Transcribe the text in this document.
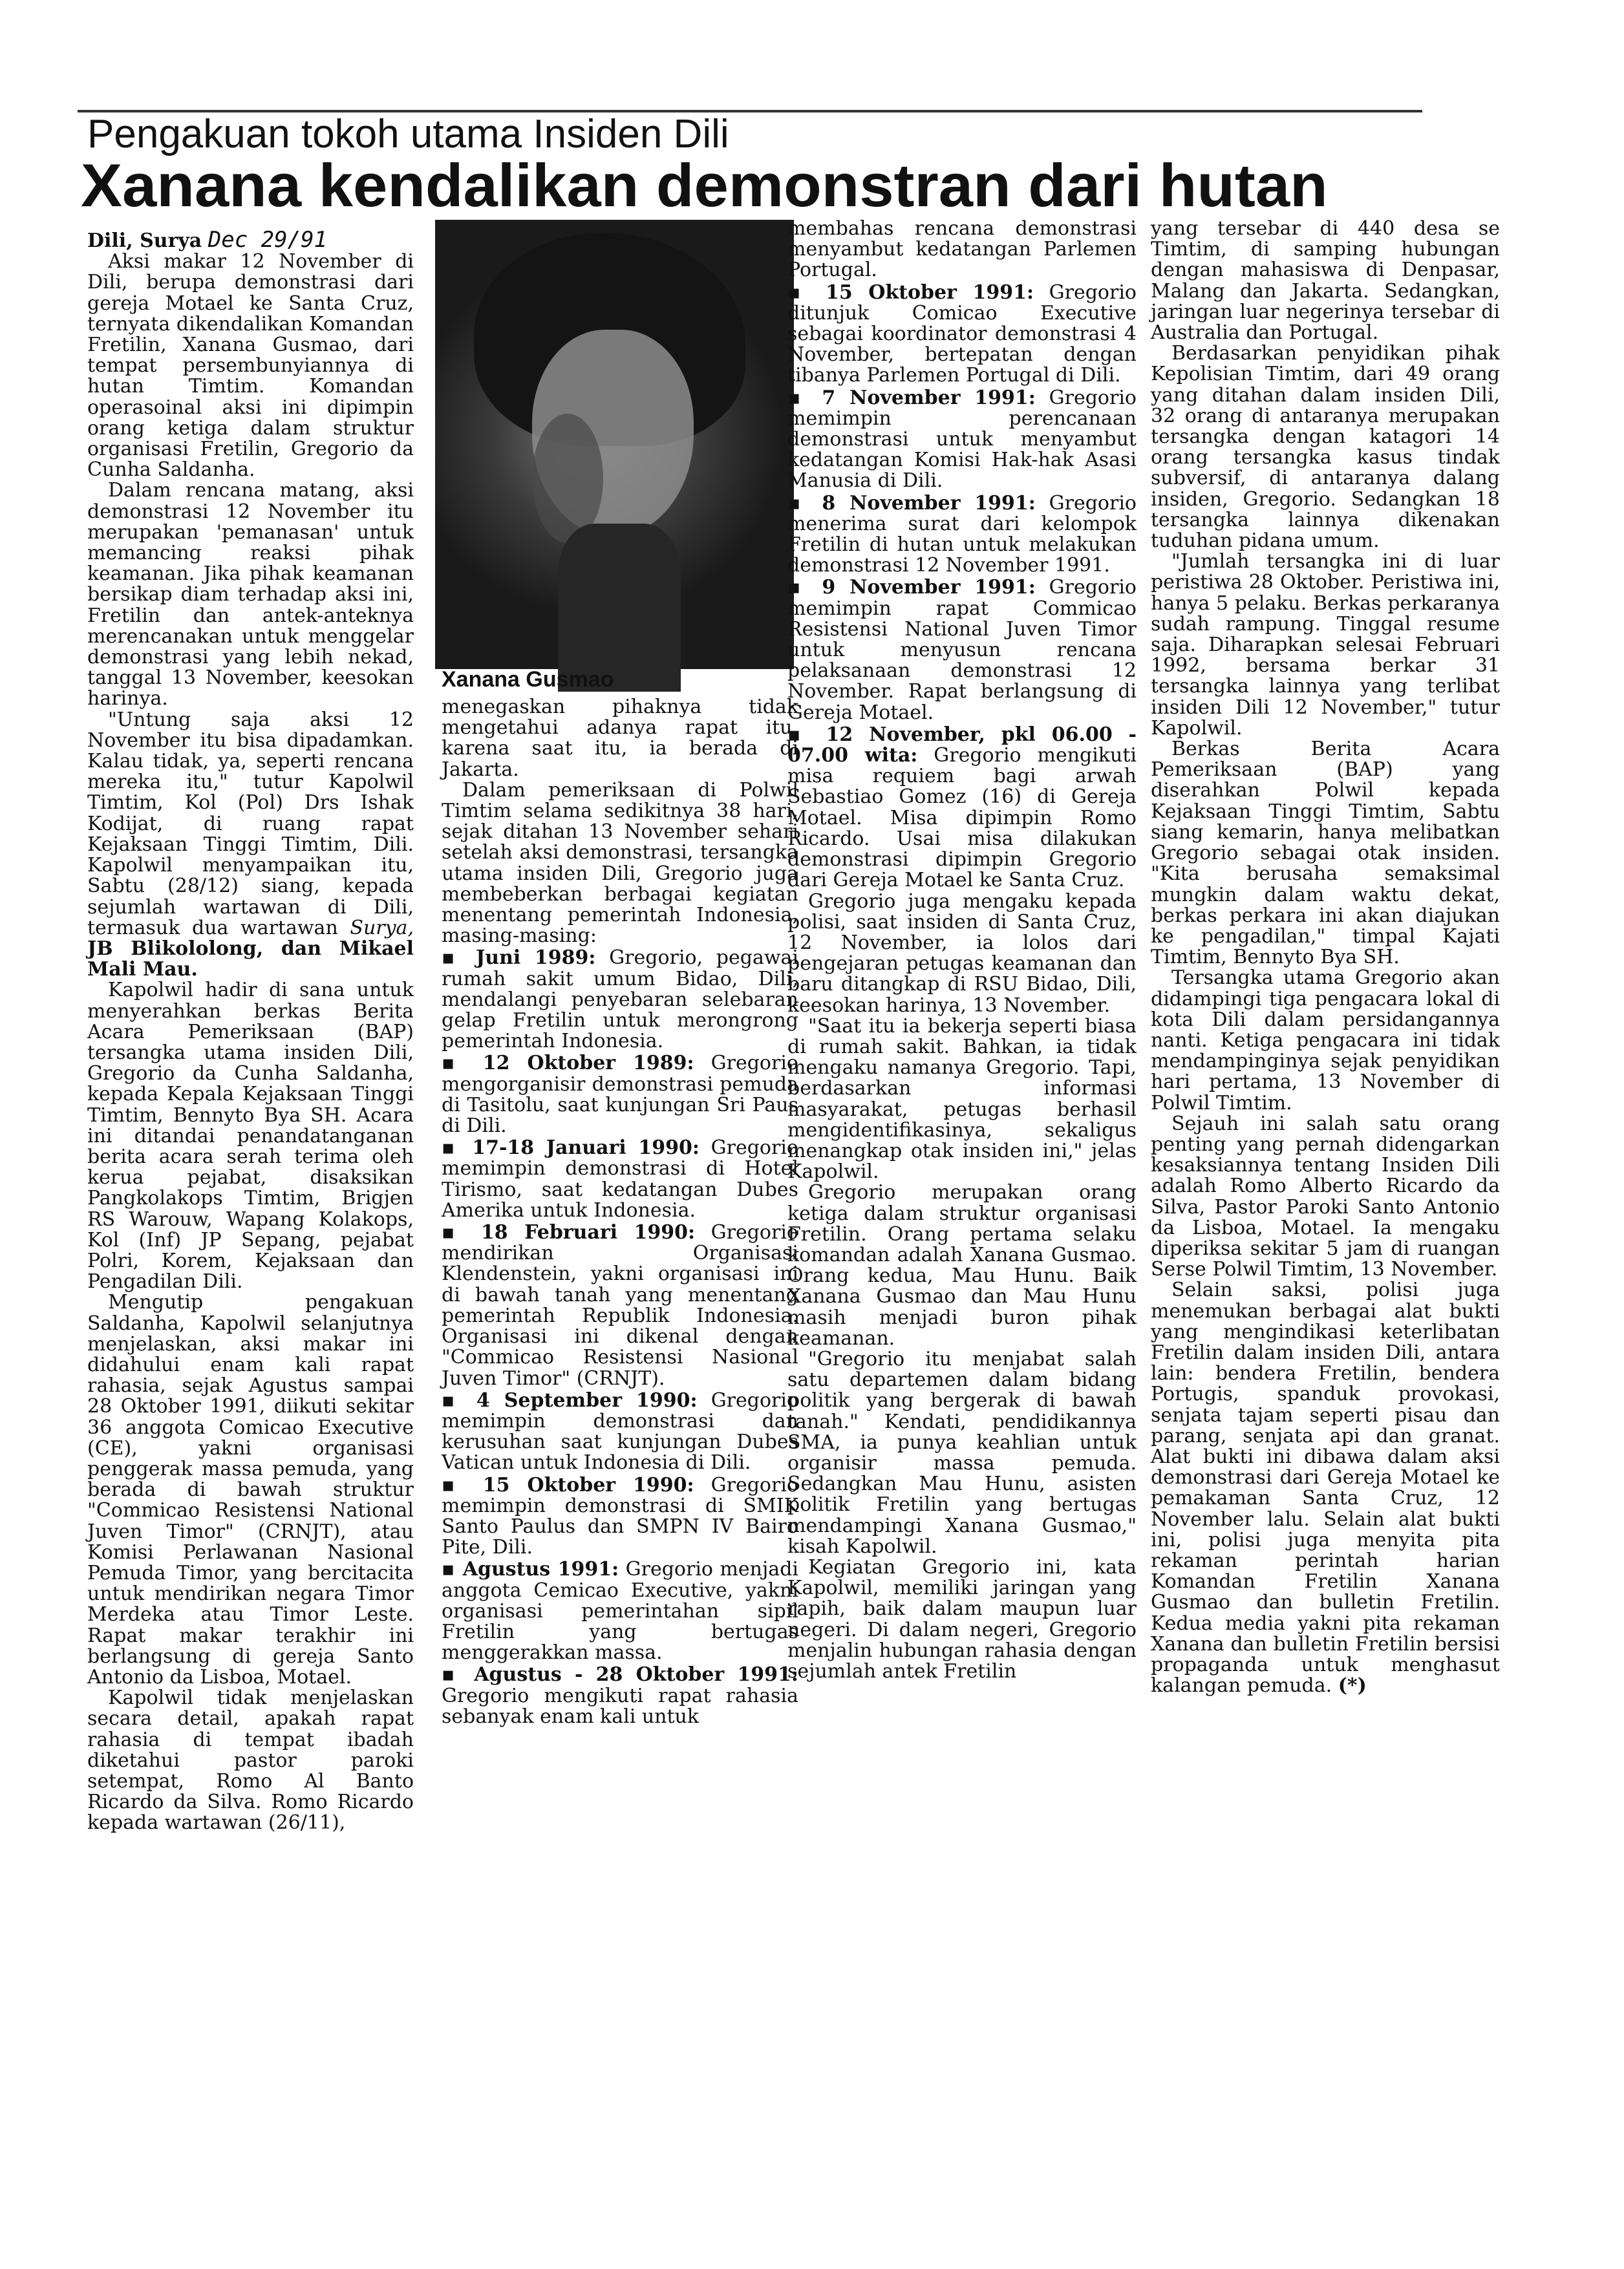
Pengakuan tokoh utama Insiden Dili
Xanana kendalikan demonstran dari hutan

Dili, Surya Dec 29/91

Aksi makar 12 November di Dili, berupa demonstrasi dari gereja Motael ke Santa Cruz, ternyata dikendalikan Komandan Fretilin, Xanana Gusmao, dari tempat persembunyiannya di hutan Timtim. Komandan operasoinal aksi ini dipimpin orang ketiga dalam struktur organisasi Fretilin, Gregorio da Cunha Saldanha.

Dalam rencana matang, aksi demonstrasi 12 November itu merupakan 'pemanasan' untuk memancing reaksi pihak keamanan. Jika pihak keamanan bersikap diam terhadap aksi ini, Fretilin dan antek-anteknya merencanakan untuk menggelar demonstrasi yang lebih nekad, tanggal 13 November, keesokan harinya.

"Untung saja aksi 12 November itu bisa dipadamkan. Kalau tidak, ya, seperti rencana mereka itu," tutur Kapolwil Timtim, Kol (Pol) Drs Ishak Kodijat, di ruang rapat Kejaksaan Tinggi Timtim, Dili. Kapolwil menyampaikan itu, Sabtu (28/12) siang, kepada sejumlah wartawan di Dili, termasuk dua wartawan Surya, JB Blikololong, dan Mikael Mali Mau.

Kapolwil hadir di sana untuk menyerahkan berkas Berita Acara Pemeriksaan (BAP) tersangka utama insiden Dili, Gregorio da Cunha Saldanha, kepada Kepala Kejaksaan Tinggi Timtim, Bennyto Bya SH. Acara ini ditandai penandatanganan berita acara serah terima oleh kerua pejabat, disaksikan Pangkolakops Timtim, Brigjen RS Warouw, Wapang Kolakops, Kol (Inf) JP Sepang, pejabat Polri, Korem, Kejaksaan dan Pengadilan Dili.

Mengutip pengakuan Saldanha, Kapolwil selanjutnya menjelaskan, aksi makar ini didahului enam kali rapat rahasia, sejak Agustus sampai 28 Oktober 1991, diikuti sekitar 36 anggota Comicao Executive (CE), yakni organisasi penggerak massa pemuda, yang berada di bawah struktur "Commicao Resistensi National Juven Timor" (CRNJT), atau Komisi Perlawanan Nasional Pemuda Timor, yang bercitacita untuk mendirikan negara Timor Merdeka atau Timor Leste. Rapat makar terakhir ini berlangsung di gereja Santo Antonio da Lisboa, Motael.

Kapolwil tidak menjelaskan secara detail, apakah rapat rahasia di tempat ibadah diketahui pastor paroki setempat, Romo Al Banto Ricardo da Silva. Romo Ricardo kepada wartawan (26/11),

Xanana Gusmao

menegaskan pihaknya tidak mengetahui adanya rapat itu, karena saat itu, ia berada di Jakarta.

Dalam pemeriksaan di Polwil Timtim selama sedikitnya 38 hari, sejak ditahan 13 November sehari setelah aksi demonstrasi, tersangka utama insiden Dili, Gregorio juga membeberkan berbagai kegiatan menentang pemerintah Indonesia, masing-masing:

▪ Juni 1989: Gregorio, pegawai rumah sakit umum Bidao, Dili, mendalangi penyebaran selebaran gelap Fretilin untuk merongrong pemerintah Indonesia.

▪ 12 Oktober 1989: Gregorio mengorganisir demonstrasi pemuda di Tasitolu, saat kunjungan Sri Paus di Dili.

▪ 17-18 Januari 1990: Gregorio memimpin demonstrasi di Hotel Tirismo, saat kedatangan Dubes Amerika untuk Indonesia.

▪ 18 Februari 1990: Gregorio mendirikan Organisasi Klendenstein, yakni organisasi ini di bawah tanah yang menentang pemerintah Republik Indonesia. Organisasi ini dikenal dengan "Commicao Resistensi Nasional Juven Timor" (CRNJT).

▪ 4 September 1990: Gregorio memimpin demonstrasi dan kerusuhan saat kunjungan Dubes Vatican untuk Indonesia di Dili.

▪ 15 Oktober 1990: Gregorio memimpin demonstrasi di SMIK Santo Paulus dan SMPN IV Bairo Pite, Dili.

▪ Agustus 1991: Gregorio menjadi anggota Cemicao Executive, yakni organisasi pemerintahan sipil Fretilin yang bertugas menggerakkan massa.

▪ Agustus - 28 Oktober 1991: Gregorio mengikuti rapat rahasia sebanyak enam kali untuk

membahas rencana demonstrasi menyambut kedatangan Parlemen Portugal.

▪ 15 Oktober 1991: Gregorio ditunjuk Comicao Executive sebagai koordinator demonstrasi 4 November, bertepatan dengan tibanya Parlemen Portugal di Dili.

▪ 7 November 1991: Gregorio memimpin perencanaan demonstrasi untuk menyambut kedatangan Komisi Hak-hak Asasi Manusia di Dili.

▪ 8 November 1991: Gregorio menerima surat dari kelompok Fretilin di hutan untuk melakukan demonstrasi 12 November 1991.

▪ 9 November 1991: Gregorio memimpin rapat Commicao Resistensi National Juven Timor untuk menyusun rencana pelaksanaan demonstrasi 12 November. Rapat berlangsung di Gereja Motael.

▪ 12 November, pkl 06.00 - 07.00 wita: Gregorio mengikuti misa requiem bagi arwah Sebastiao Gomez (16) di Gereja Motael. Misa dipimpin Romo Ricardo. Usai misa dilakukan demonstrasi dipimpin Gregorio dari Gereja Motael ke Santa Cruz.

Gregorio juga mengaku kepada polisi, saat insiden di Santa Cruz, 12 November, ia lolos dari pengejaran petugas keamanan dan baru ditangkap di RSU Bidao, Dili, keesokan harinya, 13 November.

"Saat itu ia bekerja seperti biasa di rumah sakit. Bahkan, ia tidak mengaku namanya Gregorio. Tapi, berdasarkan informasi masyarakat, petugas berhasil mengidentifikasinya, sekaligus menangkap otak insiden ini," jelas Kapolwil.

Gregorio merupakan orang ketiga dalam struktur organisasi Fretilin. Orang pertama selaku komandan adalah Xanana Gusmao. Orang kedua, Mau Hunu. Baik Xanana Gusmao dan Mau Hunu masih menjadi buron pihak keamanan.

"Gregorio itu menjabat salah satu departemen dalam bidang politik yang bergerak di bawah tanah." Kendati, pendidikannya SMA, ia punya keahlian untuk organisir massa pemuda. Sedangkan Mau Hunu, asisten politik Fretilin yang bertugas mendampingi Xanana Gusmao," kisah Kapolwil.

Kegiatan Gregorio ini, kata Kapolwil, memiliki jaringan yang rapih, baik dalam maupun luar negeri. Di dalam negeri, Gregorio menjalin hubungan rahasia dengan sejumlah antek Fretilin

yang tersebar di 440 desa se Timtim, di samping hubungan dengan mahasiswa di Denpasar, Malang dan Jakarta. Sedangkan, jaringan luar negerinya tersebar di Australia dan Portugal.

Berdasarkan penyidikan pihak Kepolisian Timtim, dari 49 orang yang ditahan dalam insiden Dili, 32 orang di antaranya merupakan tersangka dengan katagori 14 orang tersangka kasus tindak subversif, di antaranya dalang insiden, Gregorio. Sedangkan 18 tersangka lainnya dikenakan tuduhan pidana umum.

"Jumlah tersangka ini di luar peristiwa 28 Oktober. Peristiwa ini, hanya 5 pelaku. Berkas perkaranya sudah rampung. Tinggal resume saja. Diharapkan selesai Februari 1992, bersama berkar 31 tersangka lainnya yang terlibat insiden Dili 12 November," tutur Kapolwil.

Berkas Berita Acara Pemeriksaan (BAP) yang diserahkan Polwil kepada Kejaksaan Tinggi Timtim, Sabtu siang kemarin, hanya melibatkan Gregorio sebagai otak insiden. "Kita berusaha semaksimal mungkin dalam waktu dekat, berkas perkara ini akan diajukan ke pengadilan," timpal Kajati Timtim, Bennyto Bya SH.

Tersangka utama Gregorio akan didampingi tiga pengacara lokal di kota Dili dalam persidangannya nanti. Ketiga pengacara ini tidak mendampinginya sejak penyidikan hari pertama, 13 November di Polwil Timtim.

Sejauh ini salah satu orang penting yang pernah didengarkan kesaksiannya tentang Insiden Dili adalah Romo Alberto Ricardo da Silva, Pastor Paroki Santo Antonio da Lisboa, Motael. Ia mengaku diperiksa sekitar 5 jam di ruangan Serse Polwil Timtim, 13 November.

Selain saksi, polisi juga menemukan berbagai alat bukti yang mengindikasi keterlibatan Fretilin dalam insiden Dili, antara lain: bendera Fretilin, bendera Portugis, spanduk provokasi, senjata tajam seperti pisau dan parang, senjata api dan granat. Alat bukti ini dibawa dalam aksi demonstrasi dari Gereja Motael ke pemakaman Santa Cruz, 12 November lalu. Selain alat bukti ini, polisi juga menyita pita rekaman perintah harian Komandan Fretilin Xanana Gusmao dan bulletin Fretilin. Kedua media yakni pita rekaman Xanana dan bulletin Fretilin bersisi propaganda untuk menghasut kalangan pemuda. (*)
